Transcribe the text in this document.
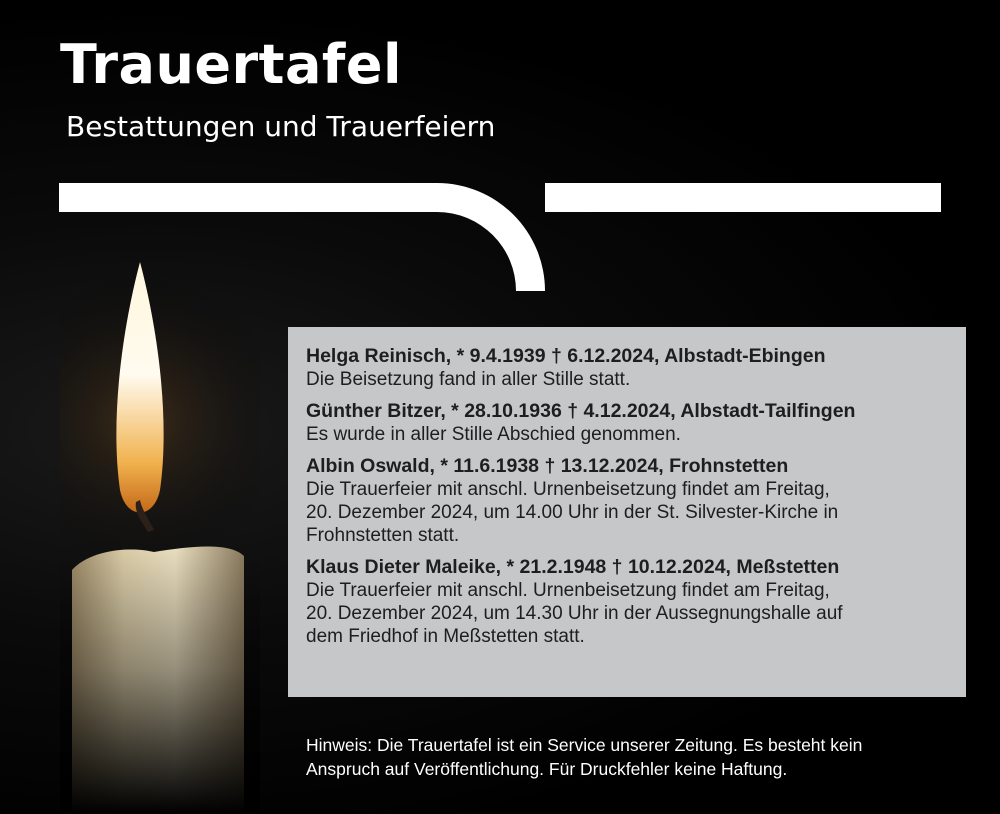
Trauertafel
Bestattungen und Trauerfeiern
Helga Reinisch, * 9.4.1939 † 6.12.2024, Albstadt-Ebingen
Die Beisetzung fand in aller Stille statt.
Günther Bitzer, * 28.10.1936 † 4.12.2024, Albstadt-Tailfingen
Es wurde in aller Stille Abschied genommen.
Albin Oswald, * 11.6.1938 † 13.12.2024, Frohnstetten
Die Trauerfeier mit anschl. Urnenbeisetzung findet am Freitag,
20. Dezember 2024, um 14.00 Uhr in der St. Silvester-Kirche in
Frohnstetten statt.
Klaus Dieter Maleike, * 21.2.1948 † 10.12.2024, Meßstetten
Die Trauerfeier mit anschl. Urnenbeisetzung findet am Freitag,
20. Dezember 2024, um 14.30 Uhr in der Aussegnungshalle auf
dem Friedhof in Meßstetten statt.
Hinweis: Die Trauertafel ist ein Service unserer Zeitung. Es besteht kein
Anspruch auf Veröffentlichung. Für Druckfehler keine Haftung.
